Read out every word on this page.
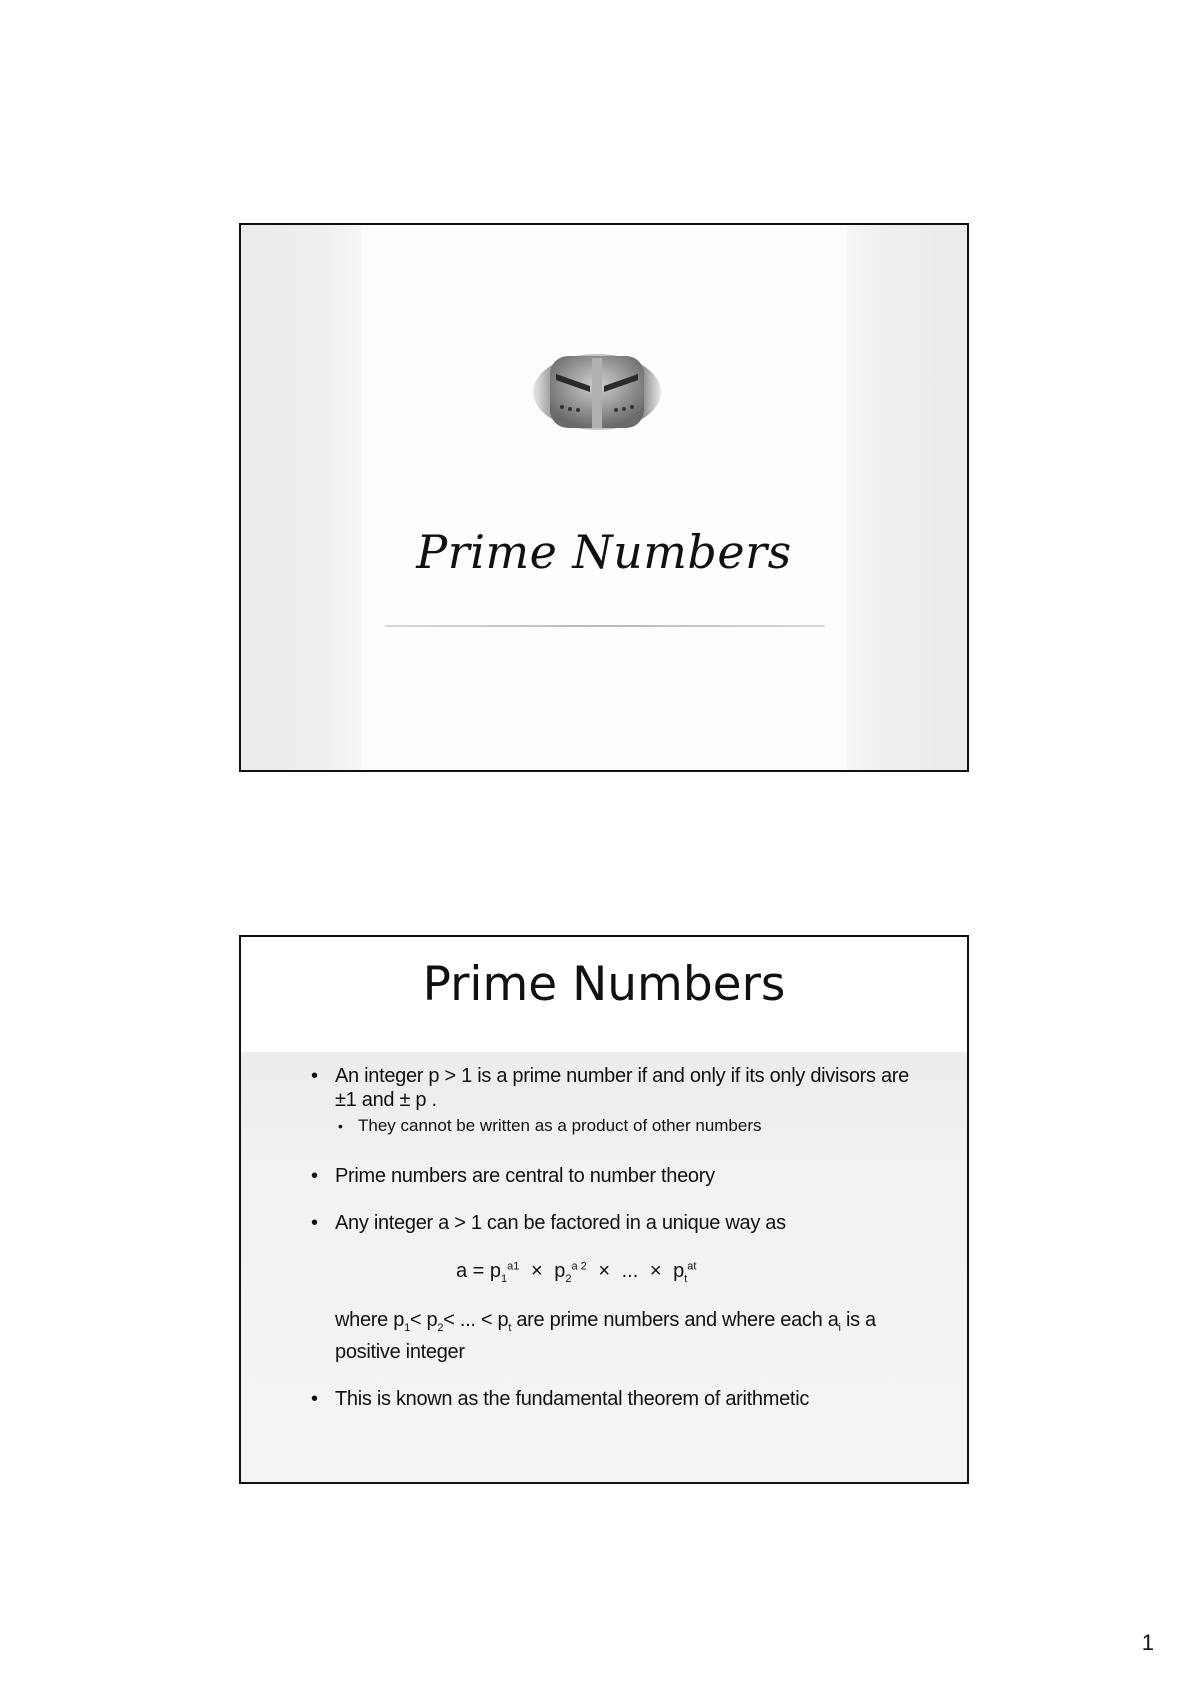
Prime Numbers
Prime Numbers
• An integer p > 1 is a prime number if and only if its only divisors are ±1 and ± p .
• They cannot be written as a product of other numbers
• Prime numbers are central to number theory
• Any integer a > 1 can be factored in a unique way as
$a = p_1^{a1} \times p_2^{a 2}$ × ... × $p_t^{at}$
where $p_1< p_2<$ ... < $p_t$ are prime numbers and where each $a_i$ is a positive integer
• This is known as the fundamental theorem of arithmetic
1
